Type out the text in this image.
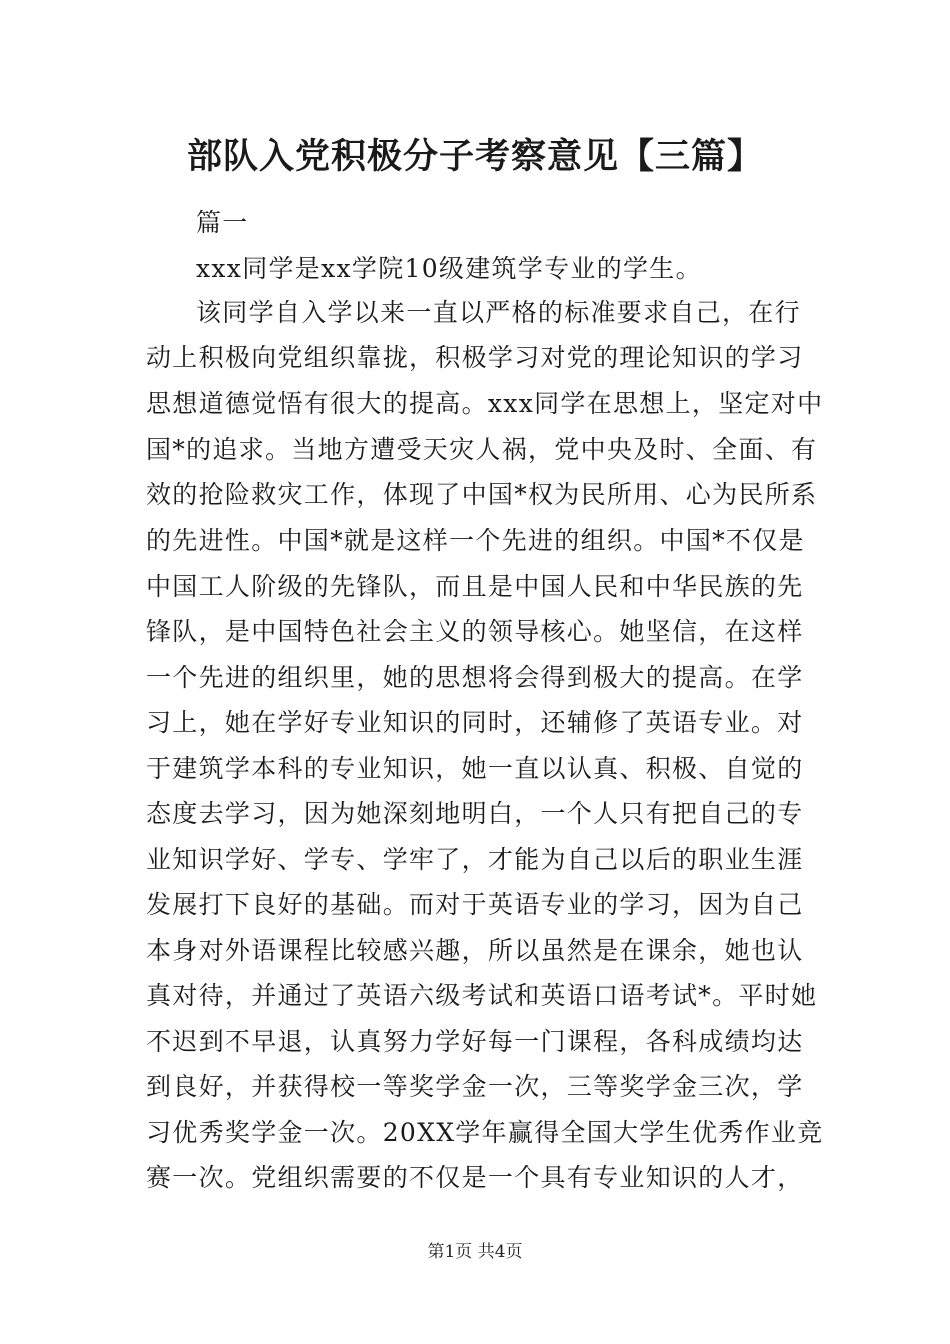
部队入党积极分子考察意见【三篇】
篇一
xxx同学是xx学院10级建筑学专业的学生。
该同学自入学以来一直以严格的标准要求自己，在行
动上积极向党组织靠拢，积极学习对党的理论知识的学习
思想道德觉悟有很大的提高。xxx同学在思想上，坚定对中
国*的追求。当地方遭受天灾人祸，党中央及时、全面、有
效的抢险救灾工作，体现了中国*权为民所用、心为民所系
的先进性。中国*就是这样一个先进的组织。中国*不仅是
中国工人阶级的先锋队，而且是中国人民和中华民族的先
锋队，是中国特色社会主义的领导核心。她坚信，在这样
一个先进的组织里，她的思想将会得到极大的提高。在学
习上，她在学好专业知识的同时，还辅修了英语专业。对
于建筑学本科的专业知识，她一直以认真、积极、自觉的
态度去学习，因为她深刻地明白，一个人只有把自己的专
业知识学好、学专、学牢了，才能为自己以后的职业生涯
发展打下良好的基础。而对于英语专业的学习，因为自己
本身对外语课程比较感兴趣，所以虽然是在课余，她也认
真对待，并通过了英语六级考试和英语口语考试*。平时她
不迟到不早退，认真努力学好每一门课程，各科成绩均达
到良好，并获得校一等奖学金一次，三等奖学金三次，学
习优秀奖学金一次。20XX学年赢得全国大学生优秀作业竞
赛一次。党组织需要的不仅是一个具有专业知识的人才，
第1页 共4页
